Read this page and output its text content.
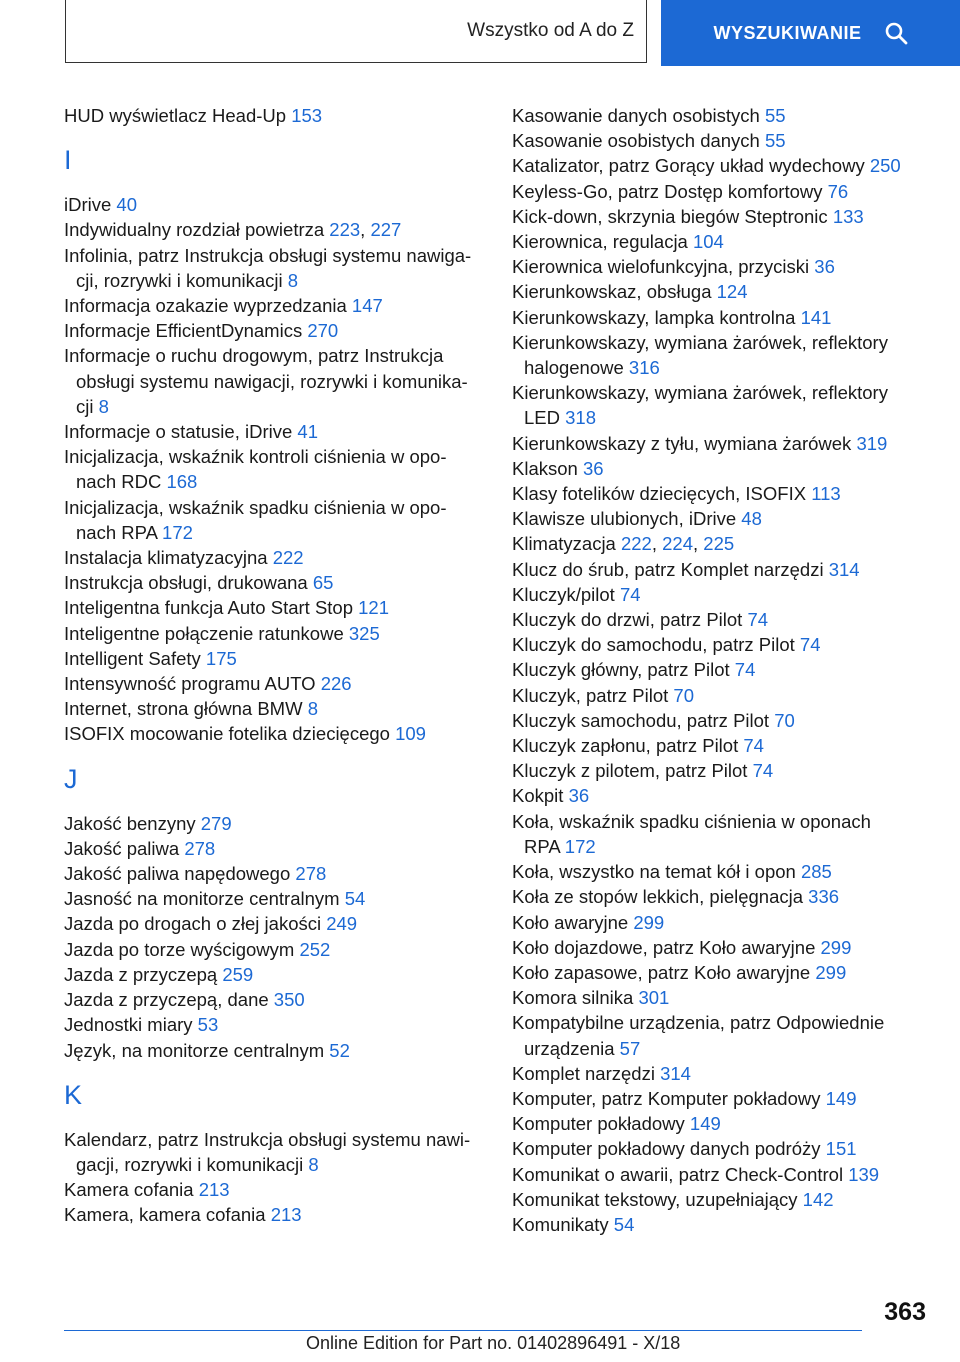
Wszystko od A do Z	WYSZUKIWANIE
HUD wyświetlacz Head-Up 153
I
iDrive 40
Indywidualny rozdział powietrza 223, 227
Infolinia, patrz Instrukcja obsługi systemu nawiga‐
cji, rozrywki i komunikacji 8
Informacja ozakazie wyprzedzania 147
Informacje EfficientDynamics 270
Informacje o ruchu drogowym, patrz Instrukcja
obsługi systemu nawigacji, rozrywki i komunika‐
cji 8
Informacje o statusie, iDrive 41
Inicjalizacja, wskaźnik kontroli ciśnienia w opo‐
nach RDC 168
Inicjalizacja, wskaźnik spadku ciśnienia w opo‐
nach RPA 172
Instalacja klimatyzacyjna 222
Instrukcja obsługi, drukowana 65
Inteligentna funkcja Auto Start Stop 121
Inteligentne połączenie ratunkowe 325
Intelligent Safety 175
Intensywność programu AUTO 226
Internet, strona główna BMW 8
ISOFIX mocowanie fotelika dziecięcego 109
J
Jakość benzyny 279
Jakość paliwa 278
Jakość paliwa napędowego 278
Jasność na monitorze centralnym 54
Jazda po drogach o złej jakości 249
Jazda po torze wyścigowym 252
Jazda z przyczepą 259
Jazda z przyczepą, dane 350
Jednostki miary 53
Język, na monitorze centralnym 52
K
Kalendarz, patrz Instrukcja obsługi systemu nawi‐
gacji, rozrywki i komunikacji 8
Kamera cofania 213
Kamera, kamera cofania 213
Kasowanie danych osobistych 55
Kasowanie osobistych danych 55
Katalizator, patrz Gorący układ wydechowy 250
Keyless-Go, patrz Dostęp komfortowy 76
Kick-down, skrzynia biegów Steptronic 133
Kierownica, regulacja 104
Kierownica wielofunkcyjna, przyciski 36
Kierunkowskaz, obsługa 124
Kierunkowskazy, lampka kontrolna 141
Kierunkowskazy, wymiana żarówek, reflektory
halogenowe 316
Kierunkowskazy, wymiana żarówek, reflektory
LED 318
Kierunkowskazy z tyłu, wymiana żarówek 319
Klakson 36
Klasy fotelików dziecięcych, ISOFIX 113
Klawisze ulubionych, iDrive 48
Klimatyzacja 222, 224, 225
Klucz do śrub, patrz Komplet narzędzi 314
Kluczyk/pilot 74
Kluczyk do drzwi, patrz Pilot 74
Kluczyk do samochodu, patrz Pilot 74
Kluczyk główny, patrz Pilot 74
Kluczyk, patrz Pilot 70
Kluczyk samochodu, patrz Pilot 70
Kluczyk zapłonu, patrz Pilot 74
Kluczyk z pilotem, patrz Pilot 74
Kokpit 36
Koła, wskaźnik spadku ciśnienia w oponach
RPA 172
Koła, wszystko na temat kół i opon 285
Koła ze stopów lekkich, pielęgnacja 336
Koło awaryjne 299
Koło dojazdowe, patrz Koło awaryjne 299
Koło zapasowe, patrz Koło awaryjne 299
Komora silnika 301
Kompatybilne urządzenia, patrz Odpowiednie
urządzenia 57
Komplet narzędzi 314
Komputer, patrz Komputer pokładowy 149
Komputer pokładowy 149
Komputer pokładowy danych podróży 151
Komunikat o awarii, patrz Check-Control 139
Komunikat tekstowy, uzupełniający 142
Komunikaty 54
363
Online Edition for Part no. 01402896491 - X/18
